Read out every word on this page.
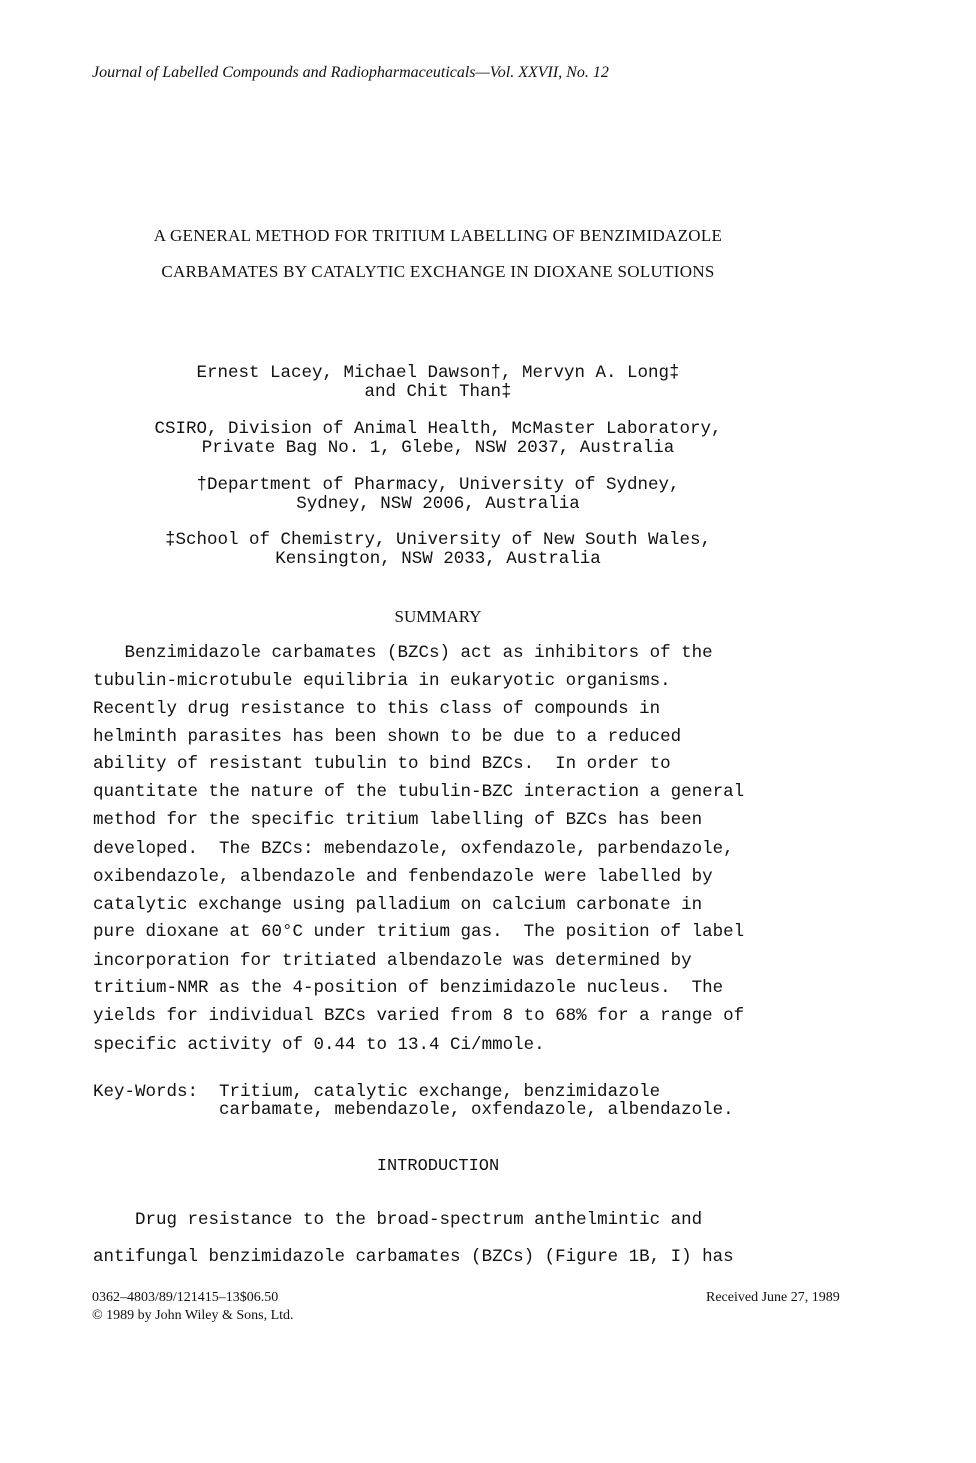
Journal of Labelled Compounds and Radiopharmaceuticals—Vol. XXVII, No. 12
A GENERAL METHOD FOR TRITIUM LABELLING OF BENZIMIDAZOLE
CARBAMATES BY CATALYTIC EXCHANGE IN DIOXANE SOLUTIONS
Ernest Lacey, Michael Dawson†, Mervyn A. Long‡
and Chit Than‡
CSIRO, Division of Animal Health, McMaster Laboratory,
Private Bag No. 1, Glebe, NSW 2037, Australia
†Department of Pharmacy, University of Sydney,
Sydney, NSW 2006, Australia
‡School of Chemistry, University of New South Wales,
Kensington, NSW 2033, Australia
SUMMARY
Benzimidazole carbamates (BZCs) act as inhibitors of the
tubulin-microtubule equilibria in eukaryotic organisms.
Recently drug resistance to this class of compounds in
helminth parasites has been shown to be due to a reduced
ability of resistant tubulin to bind BZCs.  In order to
quantitate the nature of the tubulin-BZC interaction a general
method for the specific tritium labelling of BZCs has been
developed.  The BZCs: mebendazole, oxfendazole, parbendazole,
oxibendazole, albendazole and fenbendazole were labelled by
catalytic exchange using palladium on calcium carbonate in
pure dioxane at 60°C under tritium gas.  The position of label
incorporation for tritiated albendazole was determined by
tritium-NMR as the 4-position of benzimidazole nucleus.  The
yields for individual BZCs varied from 8 to 68% for a range of
specific activity of 0.44 to 13.4 Ci/mmole.
Key-Words: Tritium, catalytic exchange, benzimidazole
carbamate, mebendazole, oxfendazole, albendazole.
INTRODUCTION
Drug resistance to the broad-spectrum anthelmintic and
antifungal benzimidazole carbamates (BZCs) (Figure 1B, I) has
0362–4803/89/121415–13$06.50
© 1989 by John Wiley & Sons, Ltd.
Received June 27, 1989
